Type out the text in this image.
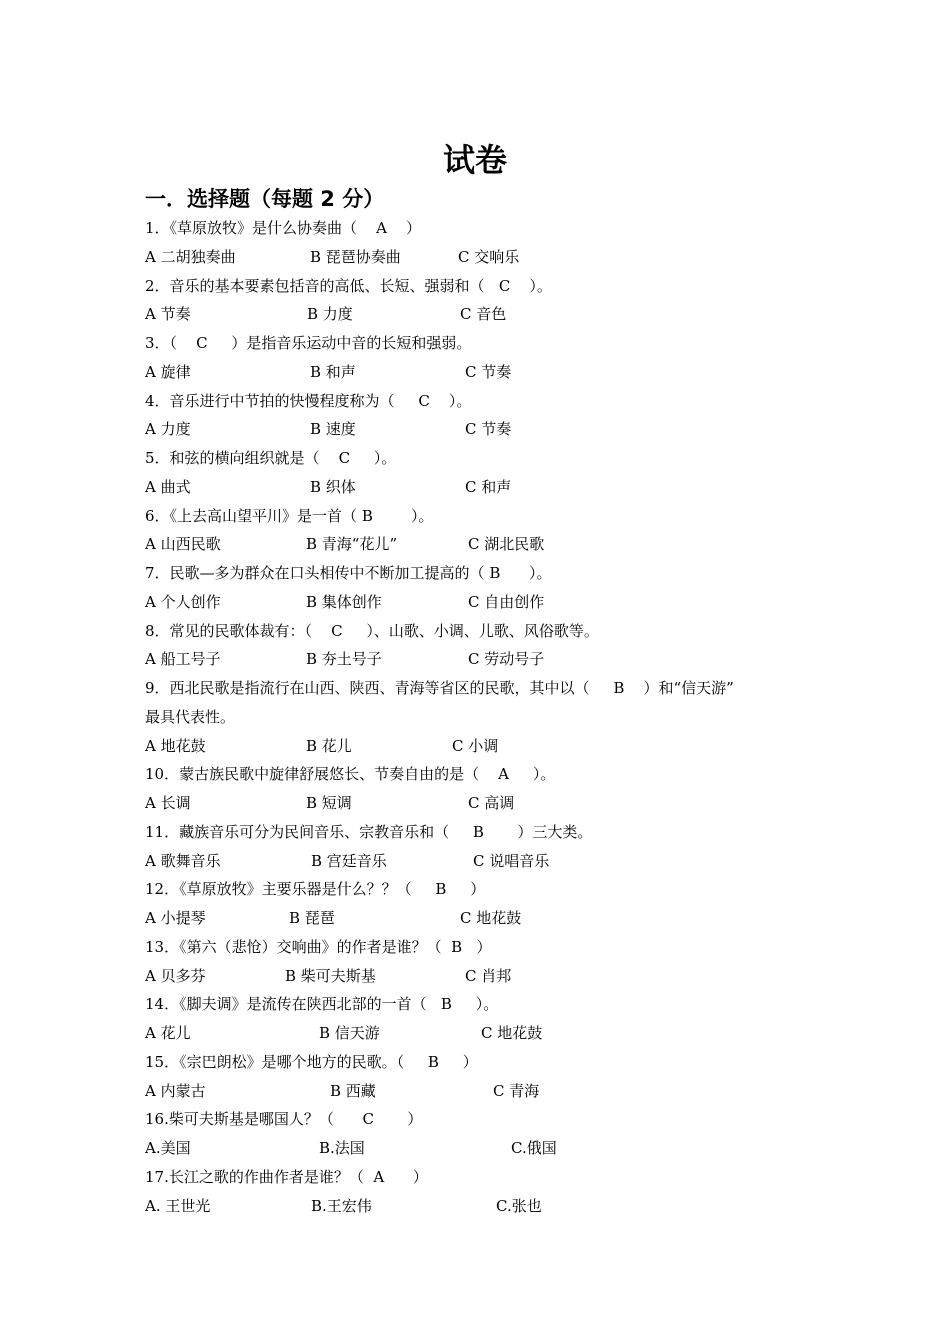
试卷
一．选择题（每题 2 分）
1．《草原放牧》是什么协奏曲（    A    ）
A 二胡独奏曲	B 琵琶协奏曲	C 交响乐
2．音乐的基本要素包括音的高低、长短、强弱和（   C    ）。
A 节奏	B 力度	C 音色
3．（    C     ）是指音乐运动中音的长短和强弱。
A 旋律	B 和声	C 节奏
4．音乐进行中节拍的快慢程度称为（     C    ）。
A 力度	B 速度	C 节奏
5．和弦的横向组织就是（    C     ）。
A 曲式	B 织体	C 和声
6．《上去高山望平川》是一首（ B        ）。
A 山西民歌	B 青海“花儿”	C 湖北民歌
7．民歌—多为群众在口头相传中不断加工提高的（ B      ）。
A 个人创作	B 集体创作	C 自由创作
8．常见的民歌体裁有：（    C     ）、山歌、小调、儿歌、风俗歌等。
A 船工号子	B 夯土号子	C 劳动号子
9．西北民歌是指流行在山西、陕西、青海等省区的民歌，其中以（     B    ）和“信天游”
最具代表性。
A 地花鼓	B 花儿	C 小调
10．蒙古族民歌中旋律舒展悠长、节奏自由的是（    A     ）。
A 长调	B 短调	C 高调
11．藏族音乐可分为民间音乐、宗教音乐和（     B       ）三大类。
A 歌舞音乐	B 宫廷音乐	C 说唱音乐
12．《草原放牧》主要乐器是什么？？（     B     ）
A 小提琴	B 琵琶	C 地花鼓
13．《第六（悲怆）交响曲》的作者是谁？（  B   ）
A 贝多芬	B 柴可夫斯基	C 肖邦
14．《脚夫调》是流传在陕西北部的一首（   B     ）。
A 花儿	B 信天游	C 地花鼓
15．《宗巴朗松》是哪个地方的民歌。（     B     ）
A 内蒙古	B 西藏	C 青海
16.柴可夫斯基是哪国人？（      C       ）
A.美国	B.法国	C.俄国
17.长江之歌的作曲作者是谁？（  A      ）
A. 王世光	B.王宏伟	C.张也
